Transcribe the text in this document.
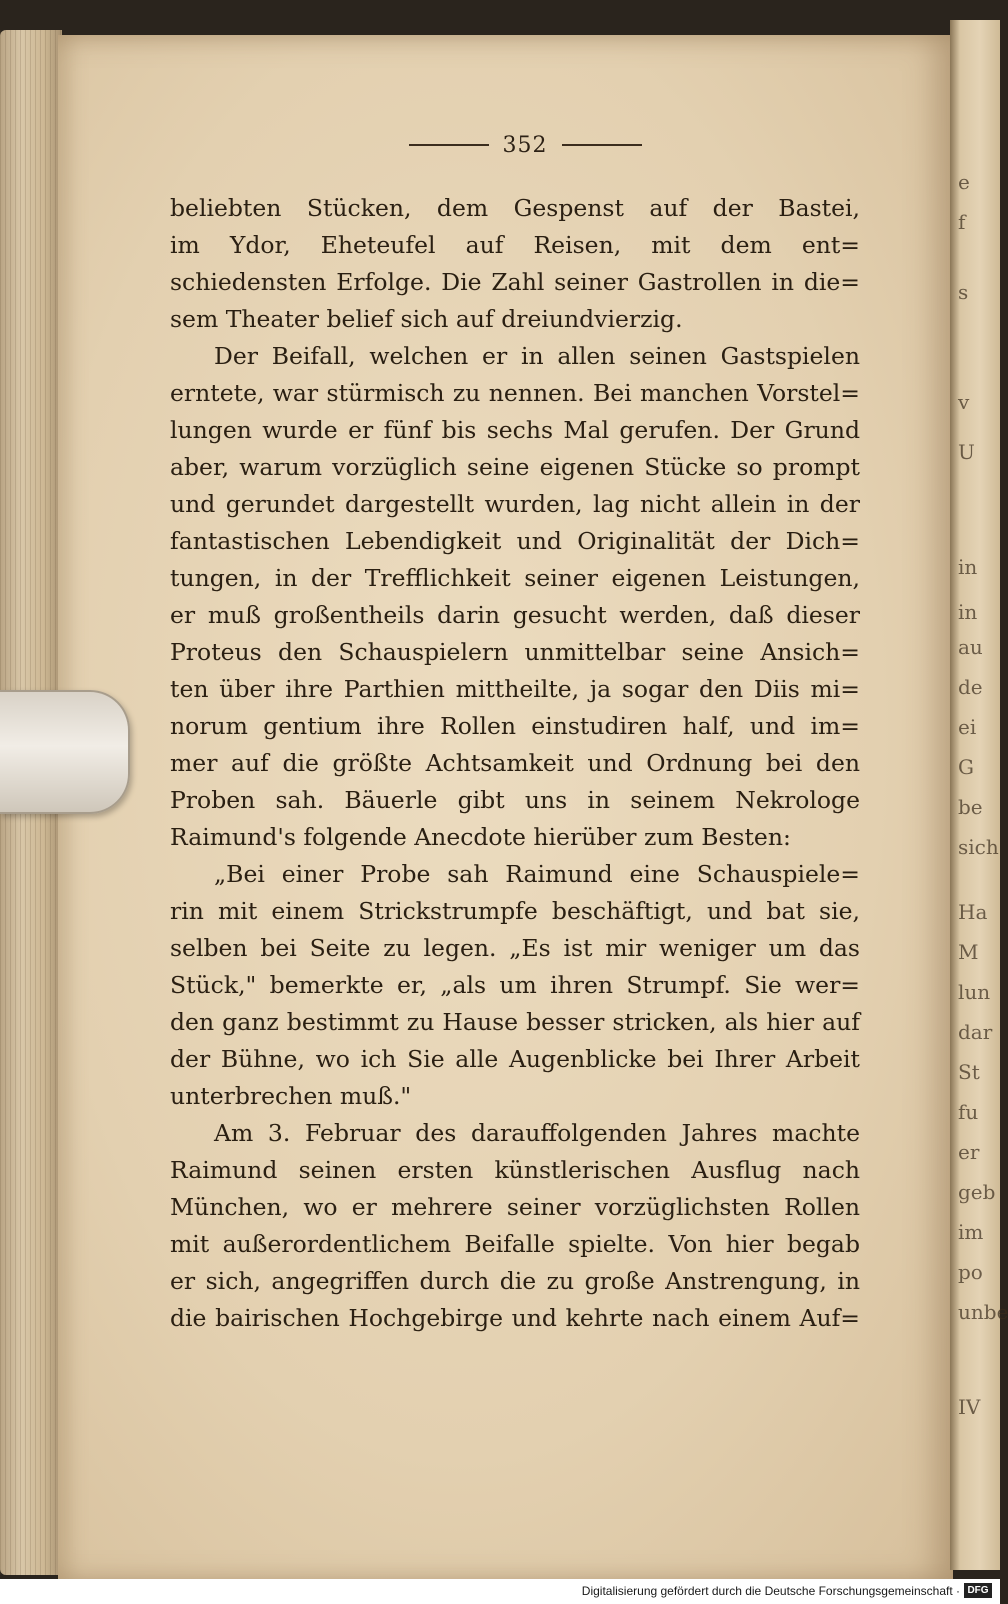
e
f
s
v
U
in
in
au
de
ei
G
be
sich
Ha
M
lun
dar
St
fu
er
geb
im
po
unbe
IV
352
beliebten Stücken, dem Gespenst auf der Bastei,
im Ydor, Eheteufel auf Reisen, mit dem ent=
schiedensten Erfolge. Die Zahl seiner Gastrollen in die=
sem Theater belief sich auf dreiundvierzig.
Der Beifall, welchen er in allen seinen Gastspielen
erntete, war stürmisch zu nennen. Bei manchen Vorstel=
lungen wurde er fünf bis sechs Mal gerufen. Der Grund
aber, warum vorzüglich seine eigenen Stücke so prompt
und gerundet dargestellt wurden, lag nicht allein in der
fantastischen Lebendigkeit und Originalität der Dich=
tungen, in der Trefflichkeit seiner eigenen Leistungen,
er muß großentheils darin gesucht werden, daß dieser
Proteus den Schauspielern unmittelbar seine Ansich=
ten über ihre Parthien mittheilte, ja sogar den Diis mi=
norum gentium ihre Rollen einstudiren half, und im=
mer auf die größte Achtsamkeit und Ordnung bei den
Proben sah. Bäuerle gibt uns in seinem Nekrologe
Raimund's folgende Anecdote hierüber zum Besten:
„Bei einer Probe sah Raimund eine Schauspiele=
rin mit einem Strickstrumpfe beschäftigt, und bat sie,
selben bei Seite zu legen. „Es ist mir weniger um das
Stück," bemerkte er, „als um ihren Strumpf. Sie wer=
den ganz bestimmt zu Hause besser stricken, als hier auf
der Bühne, wo ich Sie alle Augenblicke bei Ihrer Arbeit
unterbrechen muß."
Am 3. Februar des darauffolgenden Jahres machte
Raimund seinen ersten künstlerischen Ausflug nach
München, wo er mehrere seiner vorzüglichsten Rollen
mit außerordentlichem Beifalle spielte. Von hier begab
er sich, angegriffen durch die zu große Anstrengung, in
die bairischen Hochgebirge und kehrte nach einem Auf=
Digitalisierung gefördert durch die Deutsche Forschungsgemeinschaft · DFG
